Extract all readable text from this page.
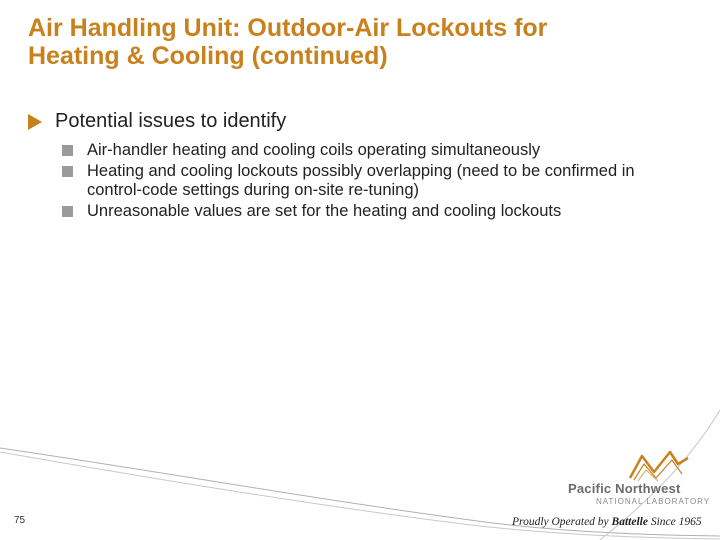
Air Handling Unit: Outdoor-Air Lockouts for
Heating & Cooling (continued)
Potential issues to identify
Air-handler heating and cooling coils operating simultaneously
Heating and cooling lockouts possibly overlapping (need to be confirmed in control-code settings during on-site re-tuning)
Unreasonable values are set for the heating and cooling lockouts
Pacific Northwest
NATIONAL LABORATORY
Proudly Operated by Battelle Since 1965
75
